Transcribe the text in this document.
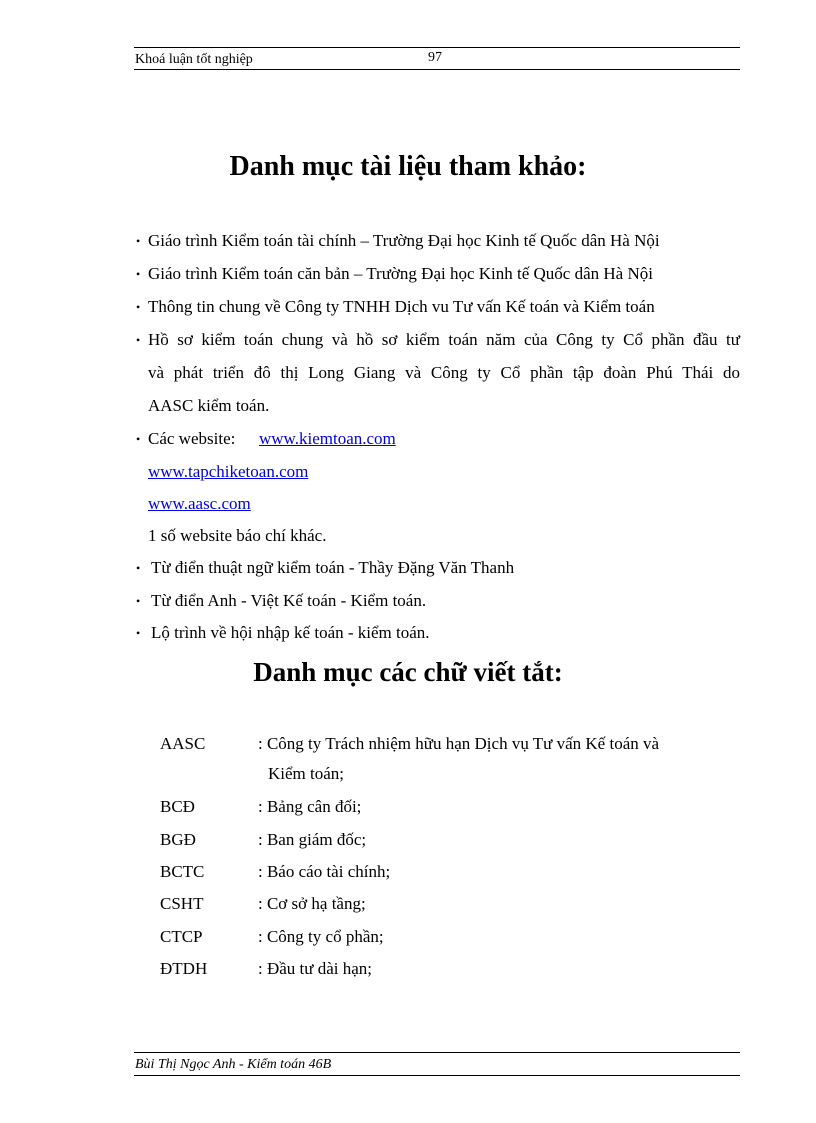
Khoá luận tốt nghiệp	97
Danh mục tài liệu tham khảo:
• Giáo trình Kiểm toán tài chính – Trường Đại học Kinh tế Quốc dân Hà Nội
• Giáo trình Kiểm toán căn bản – Trường Đại học Kinh tế Quốc dân Hà Nội
• Thông tin chung về Công ty TNHH Dịch vu Tư vấn Kế toán và Kiểm toán
• Hồ sơ kiểm toán chung và hồ sơ kiểm toán năm của Công ty Cổ phần đầu tư
và phát triển đô thị Long Giang và Công ty Cổ phần tập đoàn Phú Thái do
AASC kiểm toán.
• Các website: www.kiemtoan.com
www.tapchiketoan.com
www.aasc.com
1 số website báo chí khác.
• Từ điển thuật ngữ kiểm toán - Thầy Đặng Văn Thanh
• Từ điển Anh - Việt Kế toán - Kiểm toán.
• Lộ trình về hội nhập kế toán - kiểm toán.
Danh mục các chữ viết tắt:
AASC	: Công ty Trách nhiệm hữu hạn Dịch vụ Tư vấn Kế toán và
Kiểm toán;
BCĐ	: Bảng cân đối;
BGĐ	: Ban giám đốc;
BCTC	: Báo cáo tài chính;
CSHT	: Cơ sở hạ tầng;
CTCP	: Công ty cổ phần;
ĐTDH	: Đầu tư dài hạn;
Bùi Thị Ngọc Anh - Kiểm toán 46B
